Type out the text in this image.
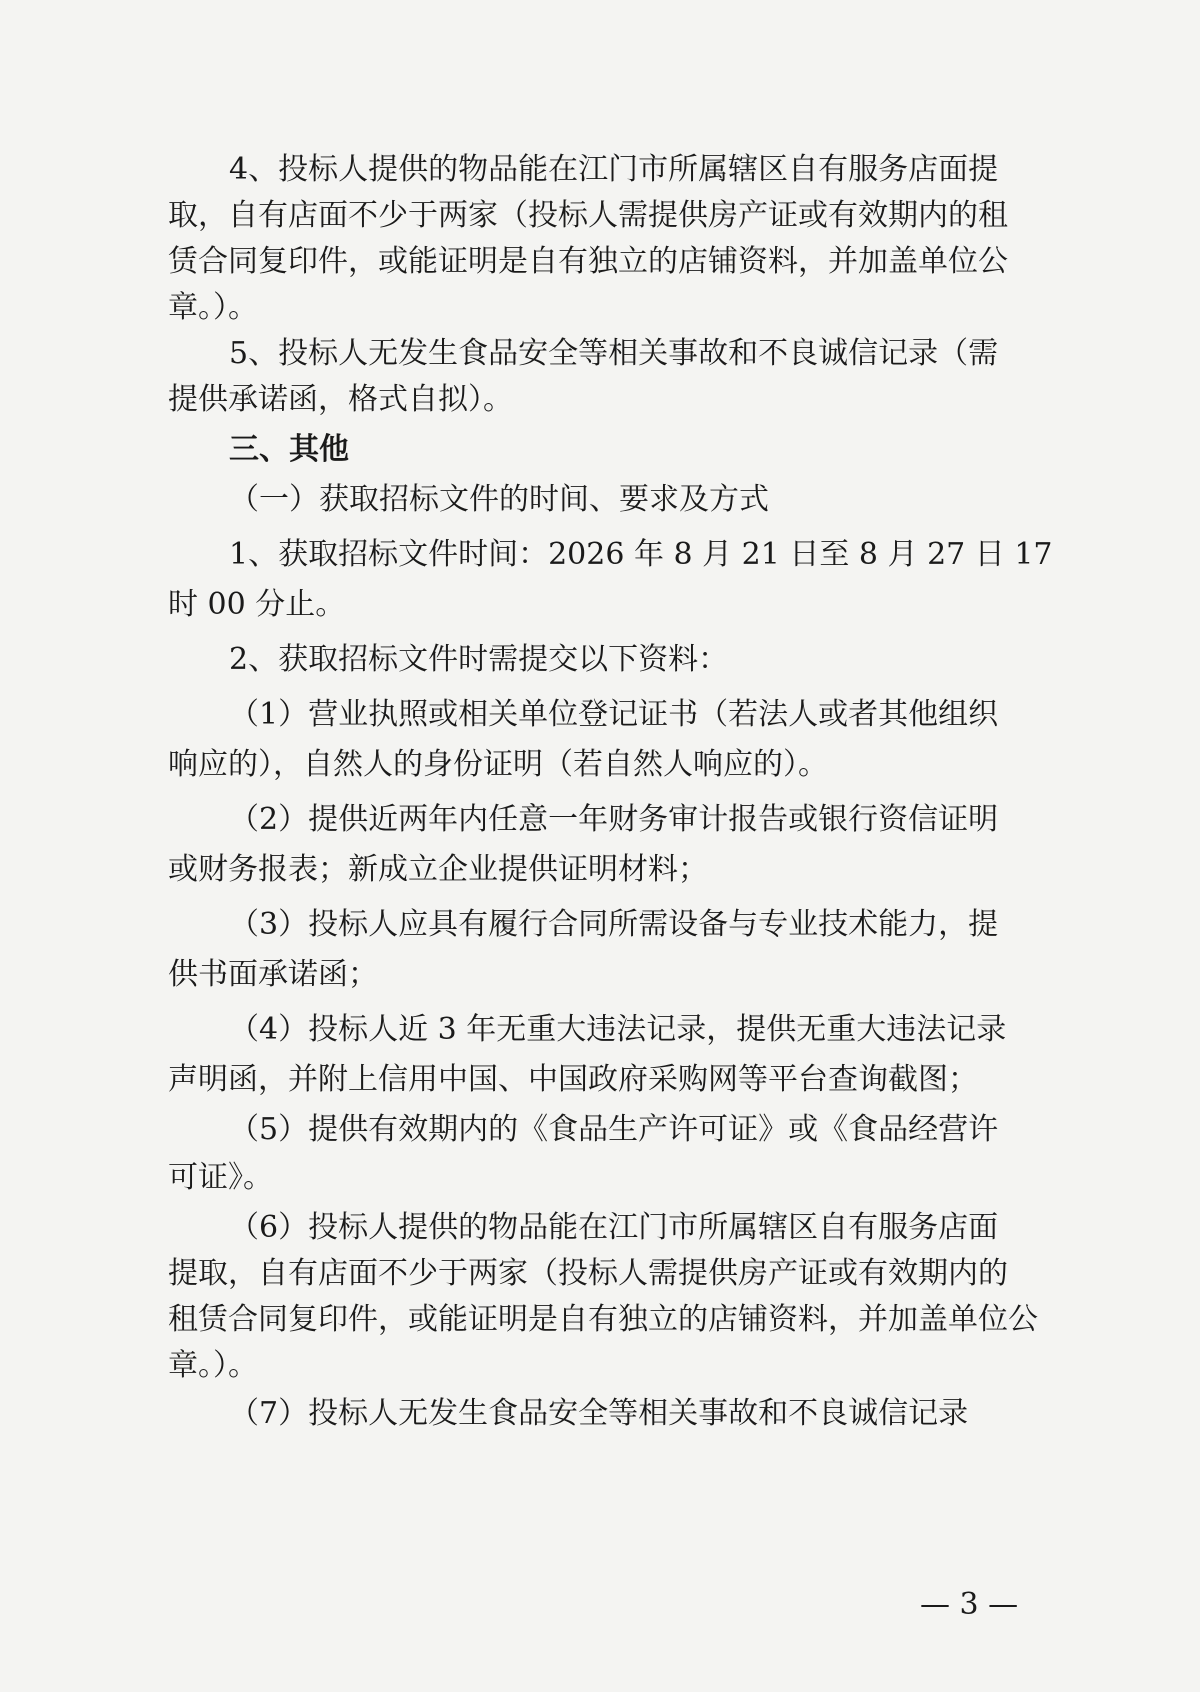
4、投标人提供的物品能在江门市所属辖区自有服务店面提
取，自有店面不少于两家（投标人需提供房产证或有效期内的租
赁合同复印件，或能证明是自有独立的店铺资料，并加盖单位公
章。）。
5、投标人无发生食品安全等相关事故和不良诚信记录（需
提供承诺函，格式自拟）。
三、其他
（一）获取招标文件的时间、要求及方式
1、获取招标文件时间：2026 年 8 月 21 日至 8 月 27 日 17
时 00 分止。
2、获取招标文件时需提交以下资料：
（1）营业执照或相关单位登记证书（若法人或者其他组织
响应的），自然人的身份证明（若自然人响应的）。
（2）提供近两年内任意一年财务审计报告或银行资信证明
或财务报表；新成立企业提供证明材料；
（3）投标人应具有履行合同所需设备与专业技术能力，提
供书面承诺函；
（4）投标人近 3 年无重大违法记录，提供无重大违法记录
声明函，并附上信用中国、中国政府采购网等平台查询截图；
（5）提供有效期内的《食品生产许可证》或《食品经营许
可证》。
（6）投标人提供的物品能在江门市所属辖区自有服务店面
提取，自有店面不少于两家（投标人需提供房产证或有效期内的
租赁合同复印件，或能证明是自有独立的店铺资料，并加盖单位公
章。）。
（7）投标人无发生食品安全等相关事故和不良诚信记录
— 3 —
